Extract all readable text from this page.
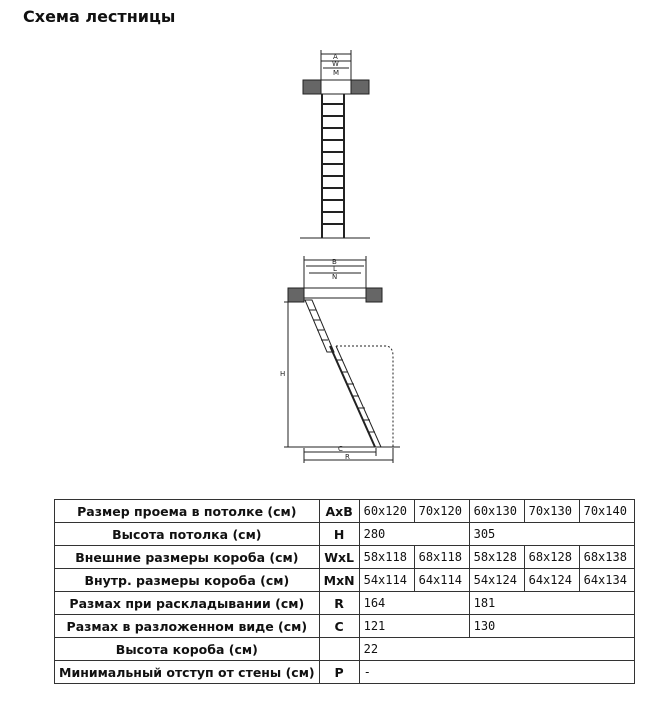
Схема лестницы
A
W
M
B
L
N
H
C
R
Размер проема в потолке (см)	AxB	60x120	70x120	60x130	70x130	70x140
Высота потолка (см)	H	280		305		
Внешние размеры короба (см)	WxL	58x118	68x118	58x128	68x128	68x138
Внутр. размеры короба (см)	MxN	54x114	64x114	54x124	64x124	64x134
Размах при раскладывании (см)	R	164		181		
Размах в разложенном виде (см)	C	121		130		
Высота короба (см)		22				
Минимальный отступ от стены (см)	P	-				
